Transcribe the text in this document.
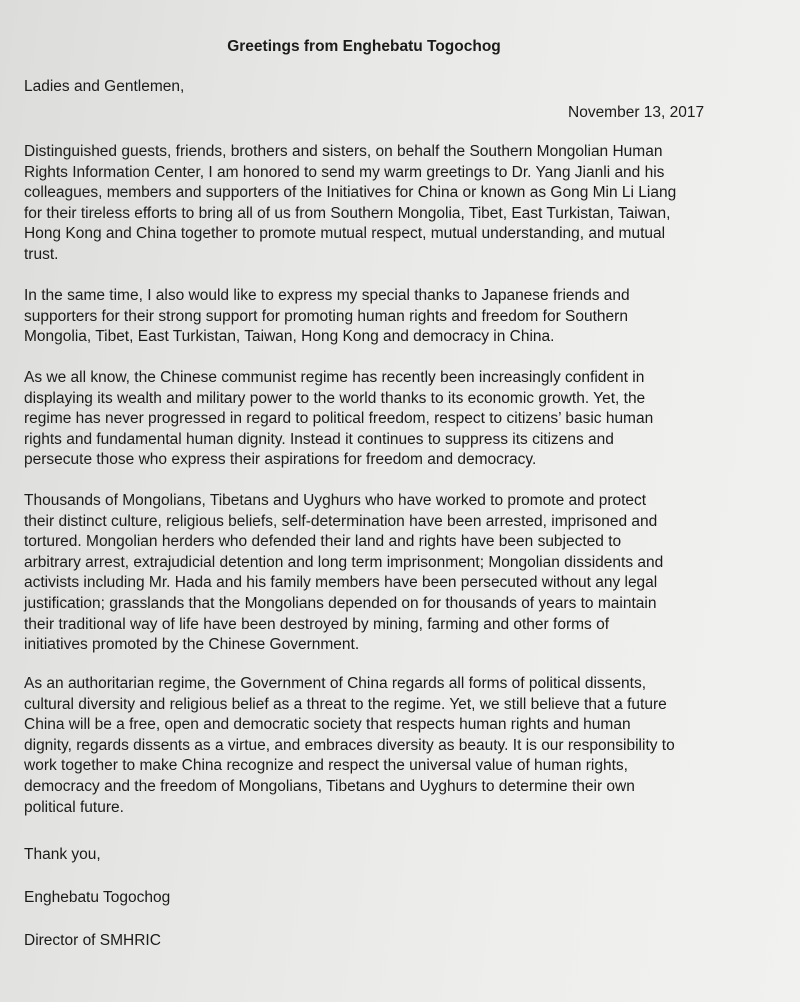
Greetings from Enghebatu Togochog
Ladies and Gentlemen,
November 13, 2017

Distinguished guests, friends, brothers and sisters, on behalf the Southern Mongolian Human
Rights Information Center, I am honored to send my warm greetings to Dr. Yang Jianli and his
colleagues, members and supporters of the Initiatives for China or known as Gong Min Li Liang
for their tireless efforts to bring all of us from Southern Mongolia, Tibet, East Turkistan, Taiwan,
Hong Kong and China together to promote mutual respect, mutual understanding, and mutual
trust.

In the same time, I also would like to express my special thanks to Japanese friends and
supporters for their strong support for promoting human rights and freedom for Southern
Mongolia, Tibet, East Turkistan, Taiwan, Hong Kong and democracy in China.

As we all know, the Chinese communist regime has recently been increasingly confident in
displaying its wealth and military power to the world thanks to its economic growth. Yet, the
regime has never progressed in regard to political freedom, respect to citizens’ basic human
rights and fundamental human dignity. Instead it continues to suppress its citizens and
persecute those who express their aspirations for freedom and democracy.

Thousands of Mongolians, Tibetans and Uyghurs who have worked to promote and protect
their distinct culture, religious beliefs, self-determination have been arrested, imprisoned and
tortured. Mongolian herders who defended their land and rights have been subjected to
arbitrary arrest, extrajudicial detention and long term imprisonment; Mongolian dissidents and
activists including Mr. Hada and his family members have been persecuted without any legal
justification; grasslands that the Mongolians depended on for thousands of years to maintain
their traditional way of life have been destroyed by mining, farming and other forms of
initiatives promoted by the Chinese Government.

As an authoritarian regime, the Government of China regards all forms of political dissents,
cultural diversity and religious belief as a threat to the regime. Yet, we still believe that a future
China will be a free, open and democratic society that respects human rights and human
dignity, regards dissents as a virtue, and embraces diversity as beauty. It is our responsibility to
work together to make China recognize and respect the universal value of human rights,
democracy and the freedom of Mongolians, Tibetans and Uyghurs to determine their own
political future.

Thank you,
Enghebatu Togochog
Director of SMHRIC
